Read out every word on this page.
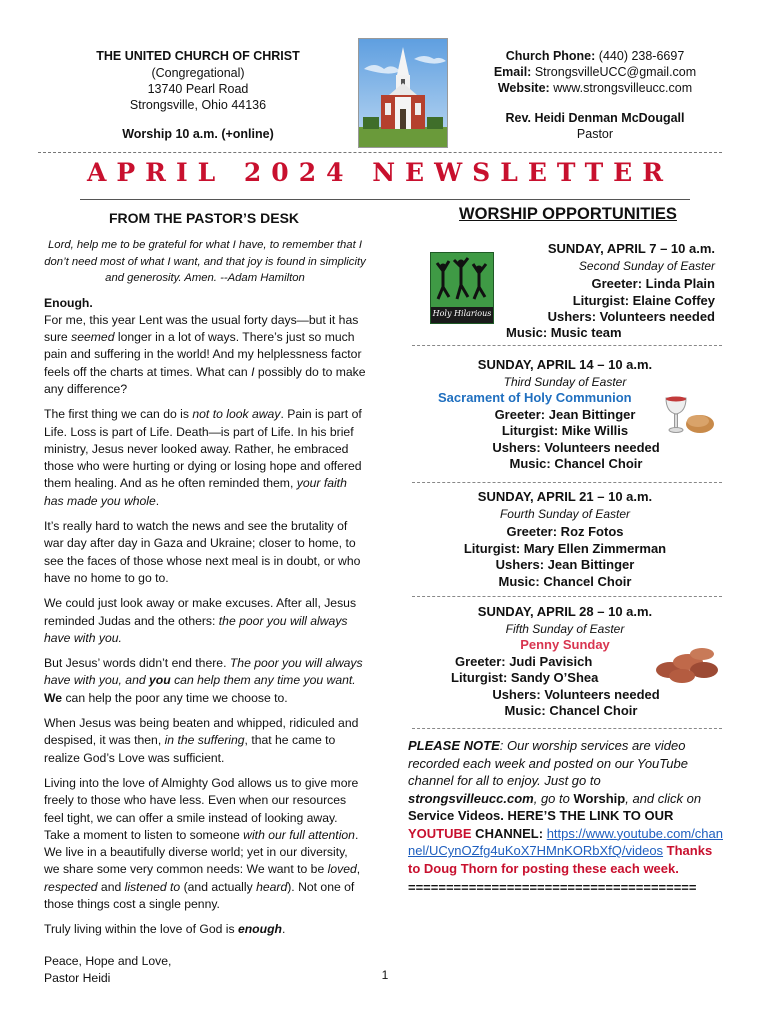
THE UNITED CHURCH OF CHRIST
(Congregational)
13740 Pearl Road
Strongsville, Ohio 44136
Worship 10 a.m. (+online)
Church Phone: (440) 238-6697
Email: StrongsvilleUCC@gmail.com
Website: www.strongsvilleucc.com
Rev. Heidi Denman McDougall
Pastor
APRIL 2024 NEWSLETTER
FROM THE PASTOR’S DESK

Lord, help me to be grateful for what I have, to remember that I don’t need most of what I want, and that joy is found in simplicity and generosity. Amen. --Adam Hamilton

Enough.

For me, this year Lent was the usual forty days—but it has sure seemed longer in a lot of ways. There’s just so much pain and suffering in the world! And my helplessness factor feels off the charts at times. What can I possibly do to make any difference?

The first thing we can do is not to look away. Pain is part of Life. Loss is part of Life. Death—is part of Life. In his brief ministry, Jesus never looked away. Rather, he embraced those who were hurting or dying or losing hope and offered them healing. And as he often reminded them, your faith has made you whole.

It’s really hard to watch the news and see the brutality of war day after day in Gaza and Ukraine; closer to home, to see the faces of those whose next meal is in doubt, or who have no home to go to.

We could just look away or make excuses. After all, Jesus reminded Judas and the others: the poor you will always have with you.

But Jesus’ words didn’t end there. The poor you will always have with you, and you can help them any time you want. We can help the poor any time we choose to.

When Jesus was being beaten and whipped, ridiculed and despised, it was then, in the suffering, that he came to realize God’s Love was sufficient.

Living into the love of Almighty God allows us to give more freely to those who have less. Even when our resources feel tight, we can offer a smile instead of looking away. Take a moment to listen to someone with our full attention. We live in a beautifully diverse world; yet in our diversity, we share some very common needs: We want to be loved, respected and listened to (and actually heard). Not one of those things cost a single penny.

Truly living within the love of God is enough.

Peace, Hope and Love,

Pastor Heidi

WORSHIP OPPORTUNITIES
Holy Hilarious
SUNDAY, APRIL 7 – 10 a.m.
Second Sunday of Easter
Greeter: Linda Plain
Liturgist: Elaine Coffey
Ushers: Volunteers needed
Music: Music team
SUNDAY, APRIL 14 – 10 a.m.
Third Sunday of Easter
Sacrament of Holy Communion
Greeter: Jean Bittinger
Liturgist: Mike Willis
Ushers: Volunteers needed
Music: Chancel Choir
SUNDAY, APRIL 21 – 10 a.m.
Fourth Sunday of Easter
Greeter: Roz Fotos
Liturgist: Mary Ellen Zimmerman
Ushers: Jean Bittinger
Music: Chancel Choir
SUNDAY, APRIL 28 – 10 a.m.
Fifth Sunday of Easter
Penny Sunday
Greeter: Judi Pavisich
Liturgist: Sandy O’Shea
Ushers: Volunteers needed
Music: Chancel Choir
PLEASE NOTE: Our worship services are video recorded each week and posted on our YouTube channel for all to enjoy. Just go to strongsvilleucc.com, go to Worship, and click on Service Videos. HERE’S THE LINK TO OUR YOUTUBE CHANNEL: https://www.youtube.com/channel/UCynOZfg4uKoX7HMnKORbXfQ/videos Thanks to Doug Thorn for posting these each week.
======================================
1
